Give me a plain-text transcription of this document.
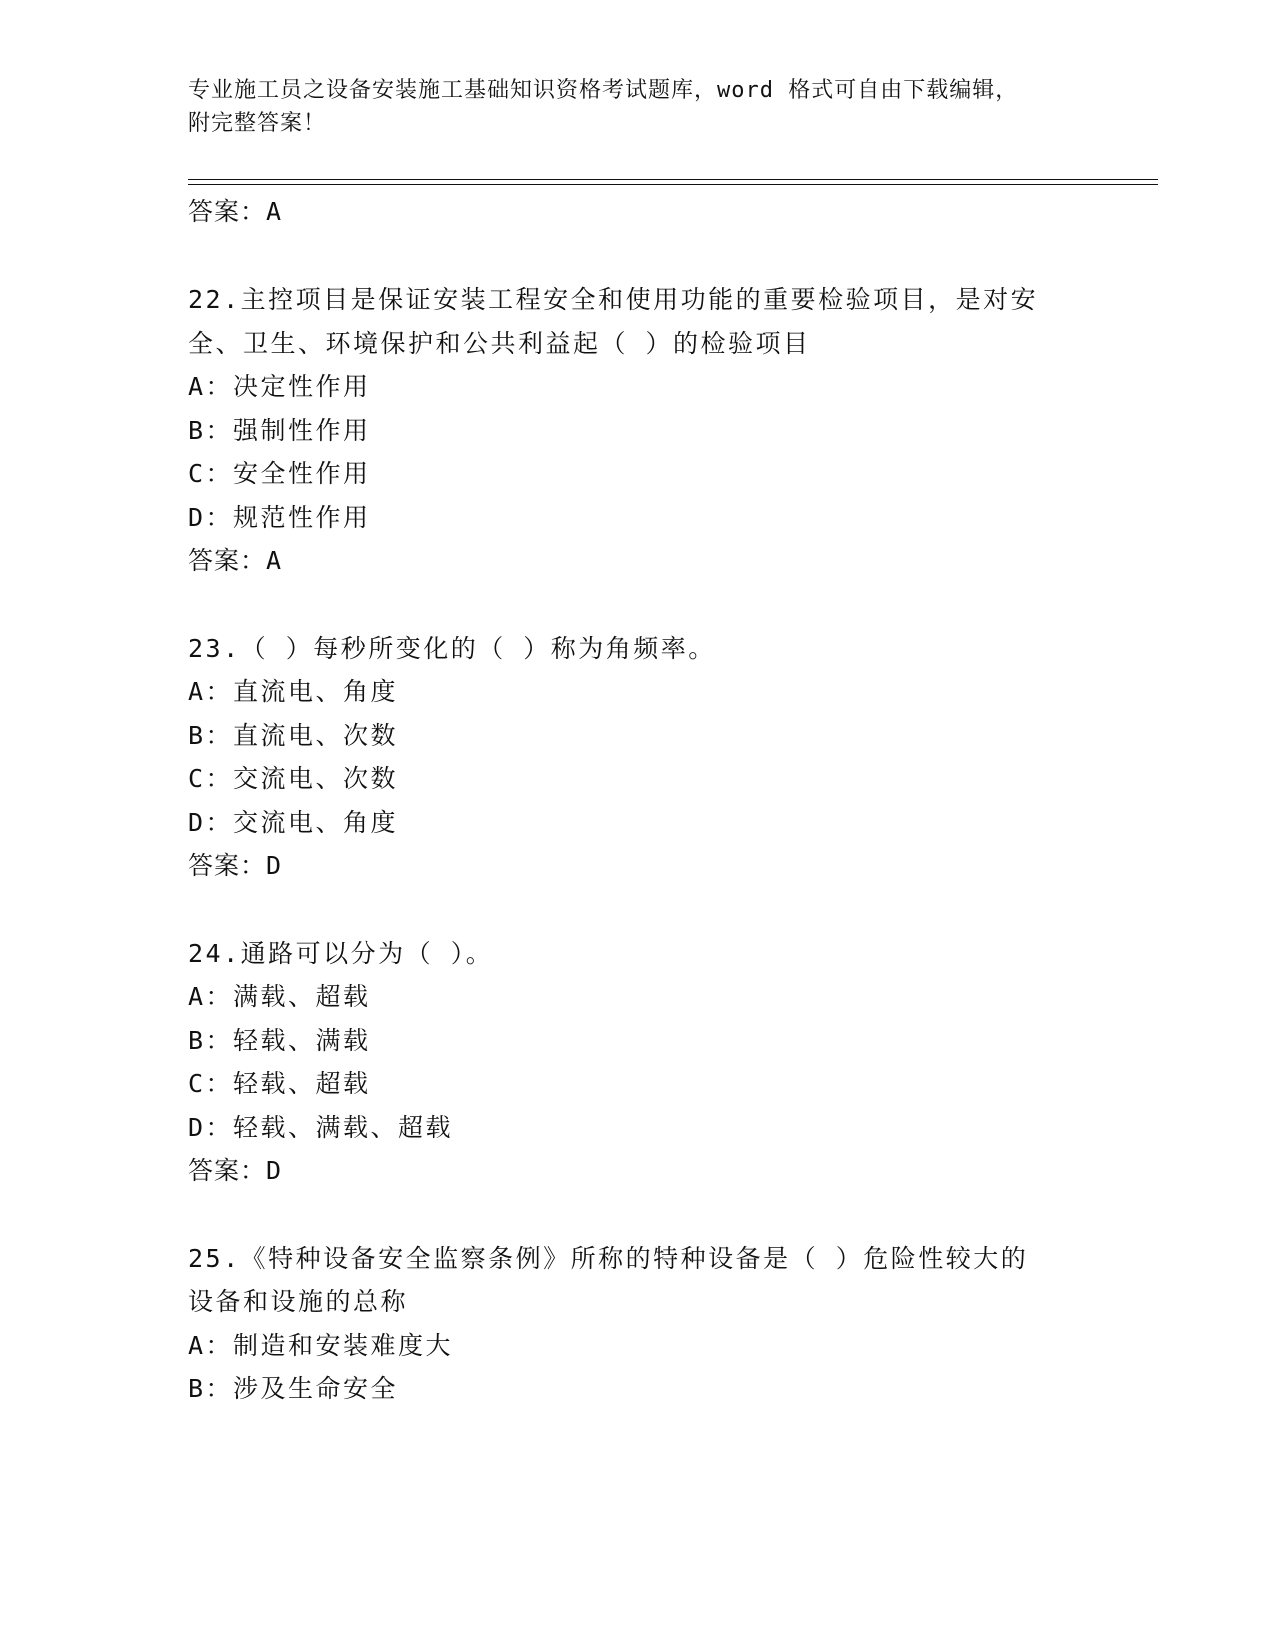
专业施工员之设备安装施工基础知识资格考试题库，word 格式可自由下载编辑，
附完整答案！
答案：A
22.主控项目是保证安装工程安全和使用功能的重要检验项目，是对安
全、卫生、环境保护和公共利益起（ ）的检验项目
A：决定性作用
B：强制性作用
C：安全性作用
D：规范性作用
答案：A
23.（ ）每秒所变化的（ ）称为角频率。
A：直流电、角度
B：直流电、次数
C：交流电、次数
D：交流电、角度
答案：D
24.通路可以分为（ ）。
A：满载、超载
B：轻载、满载
C：轻载、超载
D：轻载、满载、超载
答案：D
25.《特种设备安全监察条例》所称的特种设备是（ ）危险性较大的
设备和设施的总称
A：制造和安装难度大
B：涉及生命安全
